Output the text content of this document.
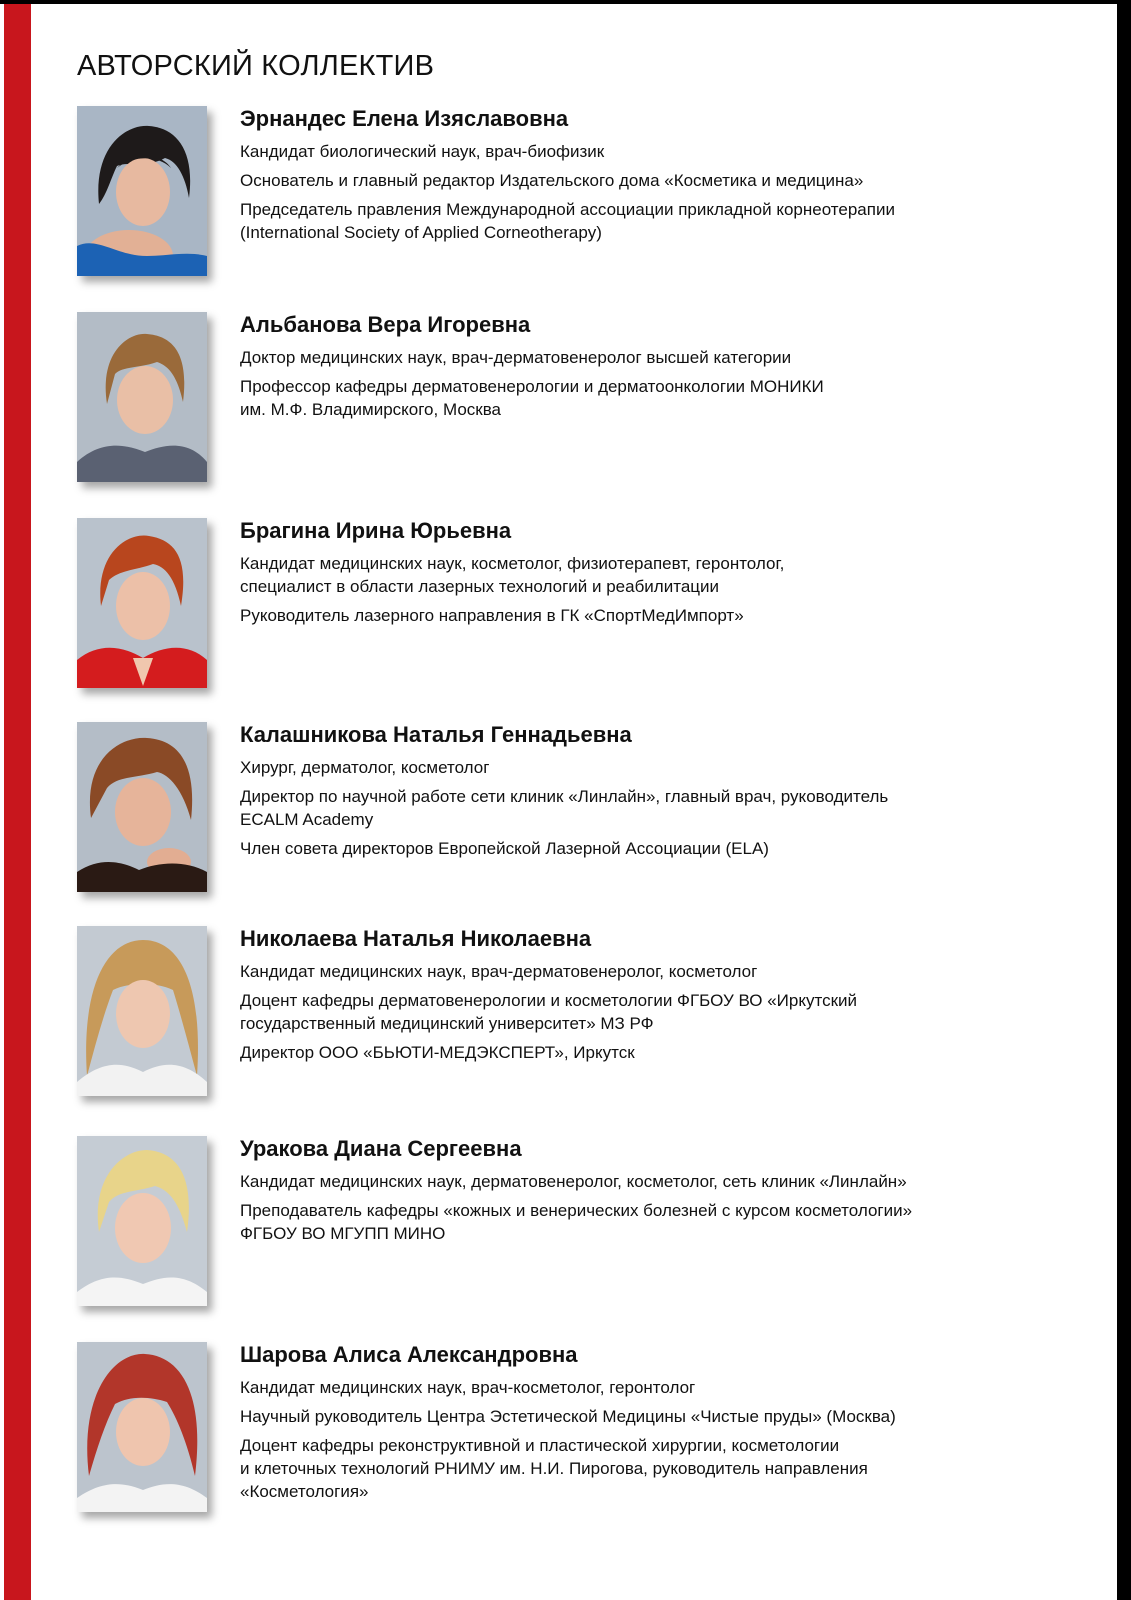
АВТОРСКИЙ КОЛЛЕКТИВ

Эрнандес Елена Изяславовна

Кандидат биологический наук, врач-биофизик

Основатель и главный редактор Издательского дома «Косметика и медицина»

Председатель правления Международной ассоциации прикладной корнеотерапии
(International Society of Applied Corneotherapy)

Альбанова Вера Игоревна

Доктор медицинских наук, врач-дерматовенеролог высшей категории

Профессор кафедры дерматовенерологии и дерматоонкологии МОНИКИ
им. М.Ф. Владимирского, Москва

Брагина Ирина Юрьевна

Кандидат медицинских наук, косметолог, физиотерапевт, геронтолог,
специалист в области лазерных технологий и реабилитации

Руководитель лазерного направления в ГК «СпортМедИмпорт»

Калашникова Наталья Геннадьевна

Хирург, дерматолог, косметолог

Директор по научной работе сети клиник «Линлайн», главный врач, руководитель
ECALM Academy

Член совета директоров Европейской Лазерной Ассоциации (ELA)

Николаева Наталья Николаевна

Кандидат медицинских наук, врач-дерматовенеролог, косметолог

Доцент кафедры дерматовенерологии и косметологии ФГБОУ ВО «Иркутский
государственный медицинский университет» МЗ РФ

Директор ООО «БЬЮТИ-МЕДЭКСПЕРТ», Иркутск

Уракова Диана Сергеевна

Кандидат медицинских наук, дерматовенеролог, косметолог, сеть клиник «Линлайн»

Преподаватель кафедры «кожных и венерических болезней с курсом косметологии»
ФГБОУ ВО МГУПП МИНО

Шарова Алиса Александровна

Кандидат медицинских наук, врач-косметолог, геронтолог

Научный руководитель Центра Эстетической Медицины «Чистые пруды» (Москва)

Доцент кафедры реконструктивной и пластической хирургии, косметологии
и клеточных технологий РНИМУ им. Н.И. Пирогова, руководитель направления
«Косметология»
